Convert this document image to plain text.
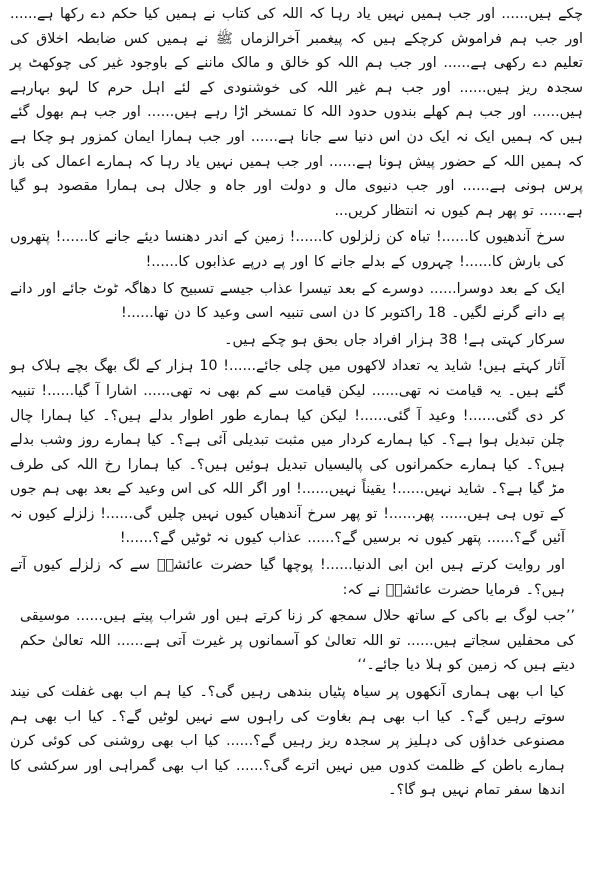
چکے ہیں...... اور جب ہمیں نہیں یاد رہا کہ اللہ کی کتاب نے ہمیں کیا حکم دے رکھا ہے...... اور جب ہم فراموش کرچکے ہیں کہ پیغمبر آخرالزماں ﷺ نے ہمیں کس ضابطہ اخلاق کی تعلیم دے رکھی ہے...... اور جب ہم اللہ کو خالق و مالک ماننے کے باوجود غیر کی چوکھٹ پر سجدہ ریز ہیں...... اور جب ہم غیر اللہ کی خوشنودی کے لئے اہل حرم کا لہو بہارہے ہیں...... اور جب ہم کھلے بندوں حدود اللہ کا تمسخر اڑا رہے ہیں...... اور جب ہم بھول گئے ہیں کہ ہمیں ایک نہ ایک دن اس دنیا سے جانا ہے...... اور جب ہمارا ایمان کمزور ہو چکا ہے کہ ہمیں اللہ کے حضور پیش ہونا ہے...... اور جب ہمیں نہیں یاد رہا کہ ہمارے اعمال کی باز پرس ہونی ہے...... اور جب دنیوی مال و دولت اور جاہ و جلال ہی ہمارا مقصود ہو گیا ہے...... تو پھر ہم کیوں نہ انتظار کریں...

سرخ آندھیوں کا......! تباہ کن زلزلوں کا......! زمین کے اندر دھنسا دیئے جانے کا......! پتھروں کی بارش کا......! چہروں کے بدلے جانے کا اور پے درپے عذابوں کا......!

ایک کے بعد دوسرا...... دوسرے کے بعد تیسرا عذاب جیسے تسبیح کا دھاگہ ٹوٹ جائے اور دانے پے دانے گرنے لگیں۔ 18 راکتوبر کا دن اسی تنبیہ اسی وعید کا دن تھا......!

سرکار کہتی ہے! 38 ہزار افراد جاں بحق ہو چکے ہیں۔

آثار کہتے ہیں! شاید یہ تعداد لاکھوں میں چلی جائے......! 10 ہزار کے لگ بھگ بچے ہلاک ہو گئے ہیں۔ یہ قیامت نہ تھی...... لیکن قیامت سے کم بھی نہ تھی...... اشارا آ گیا......! تنبیہ کر دی گئی......! وعید آ گئی......! لیکن کیا ہمارے طور اطوار بدلے ہیں؟۔ کیا ہمارا چال چلن تبدیل ہوا ہے؟۔ کیا ہمارے کردار میں مثبت تبدیلی آئی ہے؟۔ کیا ہمارے روز وشب بدلے ہیں؟۔ کیا ہمارے حکمرانوں کی پالیسیاں تبدیل ہوئیں ہیں؟۔ کیا ہمارا رخ اللہ کی طرف مڑ گیا ہے؟۔ شاید نہیں......! یقیناً نہیں......! اور اگر اللہ کی اس وعید کے بعد بھی ہم جوں کے توں ہی ہیں...... پھر......! تو پھر سرخ آندھیاں کیوں نہیں چلیں گی......! زلزلے کیوں نہ آئیں گے؟...... پتھر کیوں نہ برسیں گے؟...... عذاب کیوں نہ ٹوٹیں گے؟......!

اور روایت کرتے ہیں ابن ابی الدنیا......! پوچھا گیا حضرت عائشہؓ سے کہ زلزلے کیوں آتے ہیں؟۔ فرمایا حضرت عائشہؓ نے کہ:

’’جب لوگ بے باکی کے ساتھ حلال سمجھ کر زنا کرتے ہیں اور شراب پیتے ہیں...... موسیقی کی محفلیں سجاتے ہیں...... تو اللہ تعالیٰ کو آسمانوں پر غیرت آتی ہے...... اللہ تعالیٰ حکم دیتے ہیں کہ زمین کو ہلا دیا جائے۔‘‘

کیا اب بھی ہماری آنکھوں پر سیاہ پٹیاں بندھی رہیں گی؟۔ کیا ہم اب بھی غفلت کی نیند سوتے رہیں گے؟۔ کیا اب بھی ہم بغاوت کی راہوں سے نہیں لوٹیں گے؟۔ کیا اب بھی ہم مصنوعی خداؤں کی دہلیز پر سجدہ ریز رہیں گے؟...... کیا اب بھی روشنی کی کوئی کرن ہمارے باطن کے ظلمت کدوں میں نہیں اترے گی؟...... کیا اب بھی گمراہی اور سرکشی کا اندھا سفر تمام نہیں ہو گا؟۔
